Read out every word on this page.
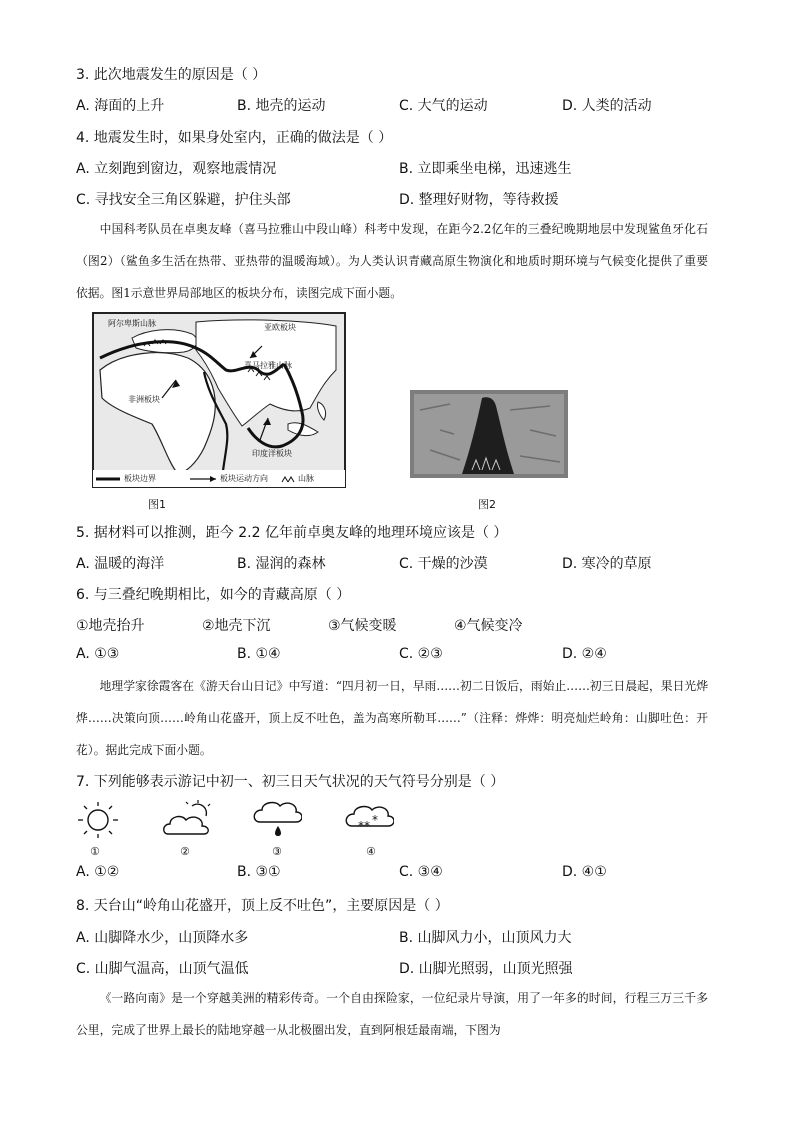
3. 此次地震发生的原因是（ ）
A. 海面的上升	B. 地壳的运动	C. 大气的运动	D. 人类的活动
4. 地震发生时，如果身处室内，正确的做法是（ ）
A. 立刻跑到窗边，观察地震情况	B. 立即乘坐电梯，迅速逃生
C. 寻找安全三角区躲避，护住头部	D. 整理好财物，等待救援

中国科考队员在卓奥友峰（喜马拉雅山中段山峰）科考中发现，在距今2.2亿年的三叠纪晚期地层中发现鲨鱼牙化石（图2）（鲨鱼多生活在热带、亚热带的温暖海域）。为人类认识青藏高原生物演化和地质时期环境与气候变化提供了重要依据。图1示意世界局部地区的板块分布，读图完成下面小题。

阿尔卑斯山脉	亚欧板块
喜马拉雅山脉
非洲板块
印度洋板块
板块边界	板块运动方向	山脉
图1	图2
5. 据材料可以推测，距今 2.2 亿年前卓奥友峰的地理环境应该是（ ）
A. 温暖的海洋	B. 湿润的森林	C. 干燥的沙漠	D. 寒冷的草原
6. 与三叠纪晚期相比，如今的青藏高原（ ）
①地壳抬升	②地壳下沉	③气候变暖	④气候变冷
A. ①③	B. ①④	C. ②③	D. ②④

地理学家徐霞客在《游天台山日记》中写道：“四月初一日，早雨……初二日饭后，雨始止……初三日晨起，果日光烨烨……决策向顶……岭角山花盛开，顶上反不吐色，盖为高寒所勒耳……”（注释：烨烨：明亮灿烂岭角：山脚吐色：开花）。据此完成下面小题。

7. 下列能够表示游记中初一、初三日天气状况的天气符号分别是（ ）
** *
①	②	③	④
A. ①②	B. ③①	C. ③④	D. ④①
8. 天台山“岭角山花盛开，顶上反不吐色”，主要原因是（ ）
A. 山脚降水少，山顶降水多	B. 山脚风力小，山顶风力大
C. 山脚气温高，山顶气温低	D. 山脚光照弱，山顶光照强

《一路向南》是一个穿越美洲的精彩传奇。一个自由探险家，一位纪录片导演，用了一年多的时间，行程三万三千多公里，完成了世界上最长的陆地穿越一从北极圈出发，直到阿根廷最南端，下图为
